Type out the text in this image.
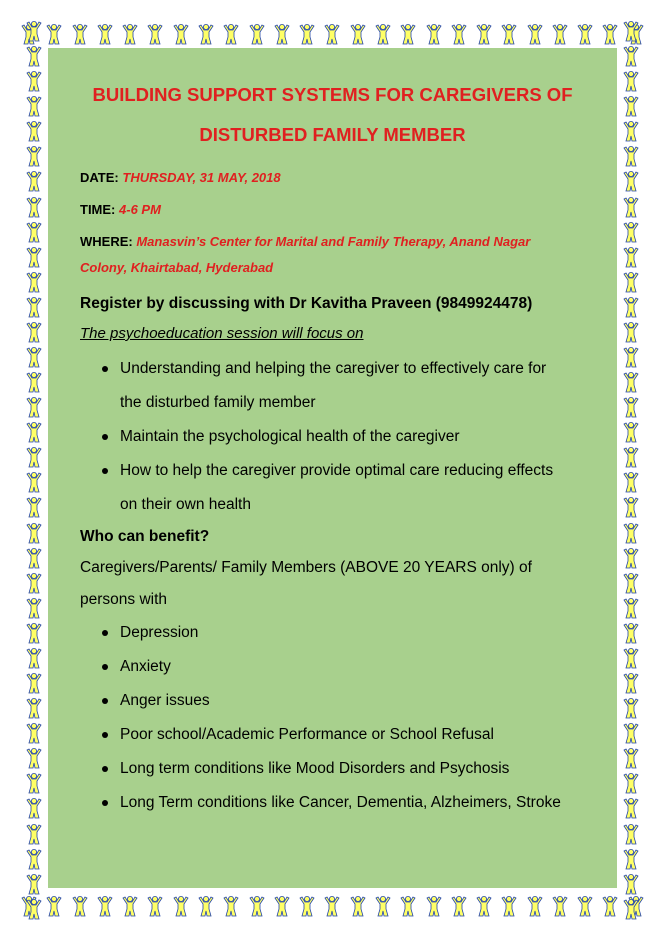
BUILDING SUPPORT SYSTEMS FOR CAREGIVERS OF

DISTURBED FAMILY MEMBER

DATE: THURSDAY, 31 MAY, 2018

TIME: 4-6 PM

WHERE: Manasvin’s Center for Marital and Family Therapy, Anand Nagar

Colony, Khairtabad, Hyderabad

Register by discussing with Dr Kavitha Praveen (9849924478)

The psychoeducation session will focus on

Understanding and helping the caregiver to effectively care for
the disturbed family member
Maintain the psychological health of the caregiver
How to help the caregiver provide optimal care reducing effects
on their own health

Who can benefit?

Caregivers/Parents/ Family Members (ABOVE 20 YEARS only) of

persons with

Depression
Anxiety
Anger issues
Poor school/Academic Performance or School Refusal
Long term conditions like Mood Disorders and Psychosis
Long Term conditions like Cancer, Dementia, Alzheimers, Stroke
